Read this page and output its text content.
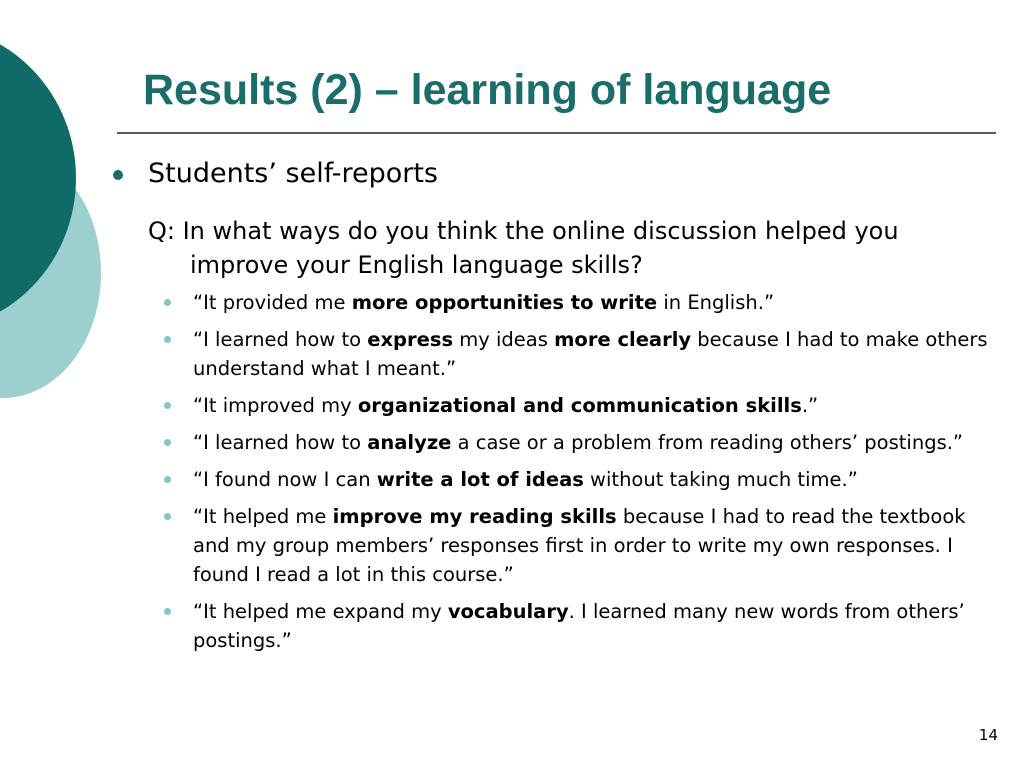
Results (2) – learning of language
Students’ self-reports
Q: In what ways do you think the online discussion helped you improve your English language skills?
“It provided me more opportunities to write in English.”
“I learned how to express my ideas more clearly because I had to make others understand what I meant.”
“It improved my organizational and communication skills.”
“I learned how to analyze a case or a problem from reading others’ postings.”
“I found now I can write a lot of ideas without taking much time.”
“It helped me improve my reading skills because I had to read the textbook and my group members’ responses first in order to write my own responses. I found I read a lot in this course.”
“It helped me expand my vocabulary. I learned many new words from others’ postings.”
14
